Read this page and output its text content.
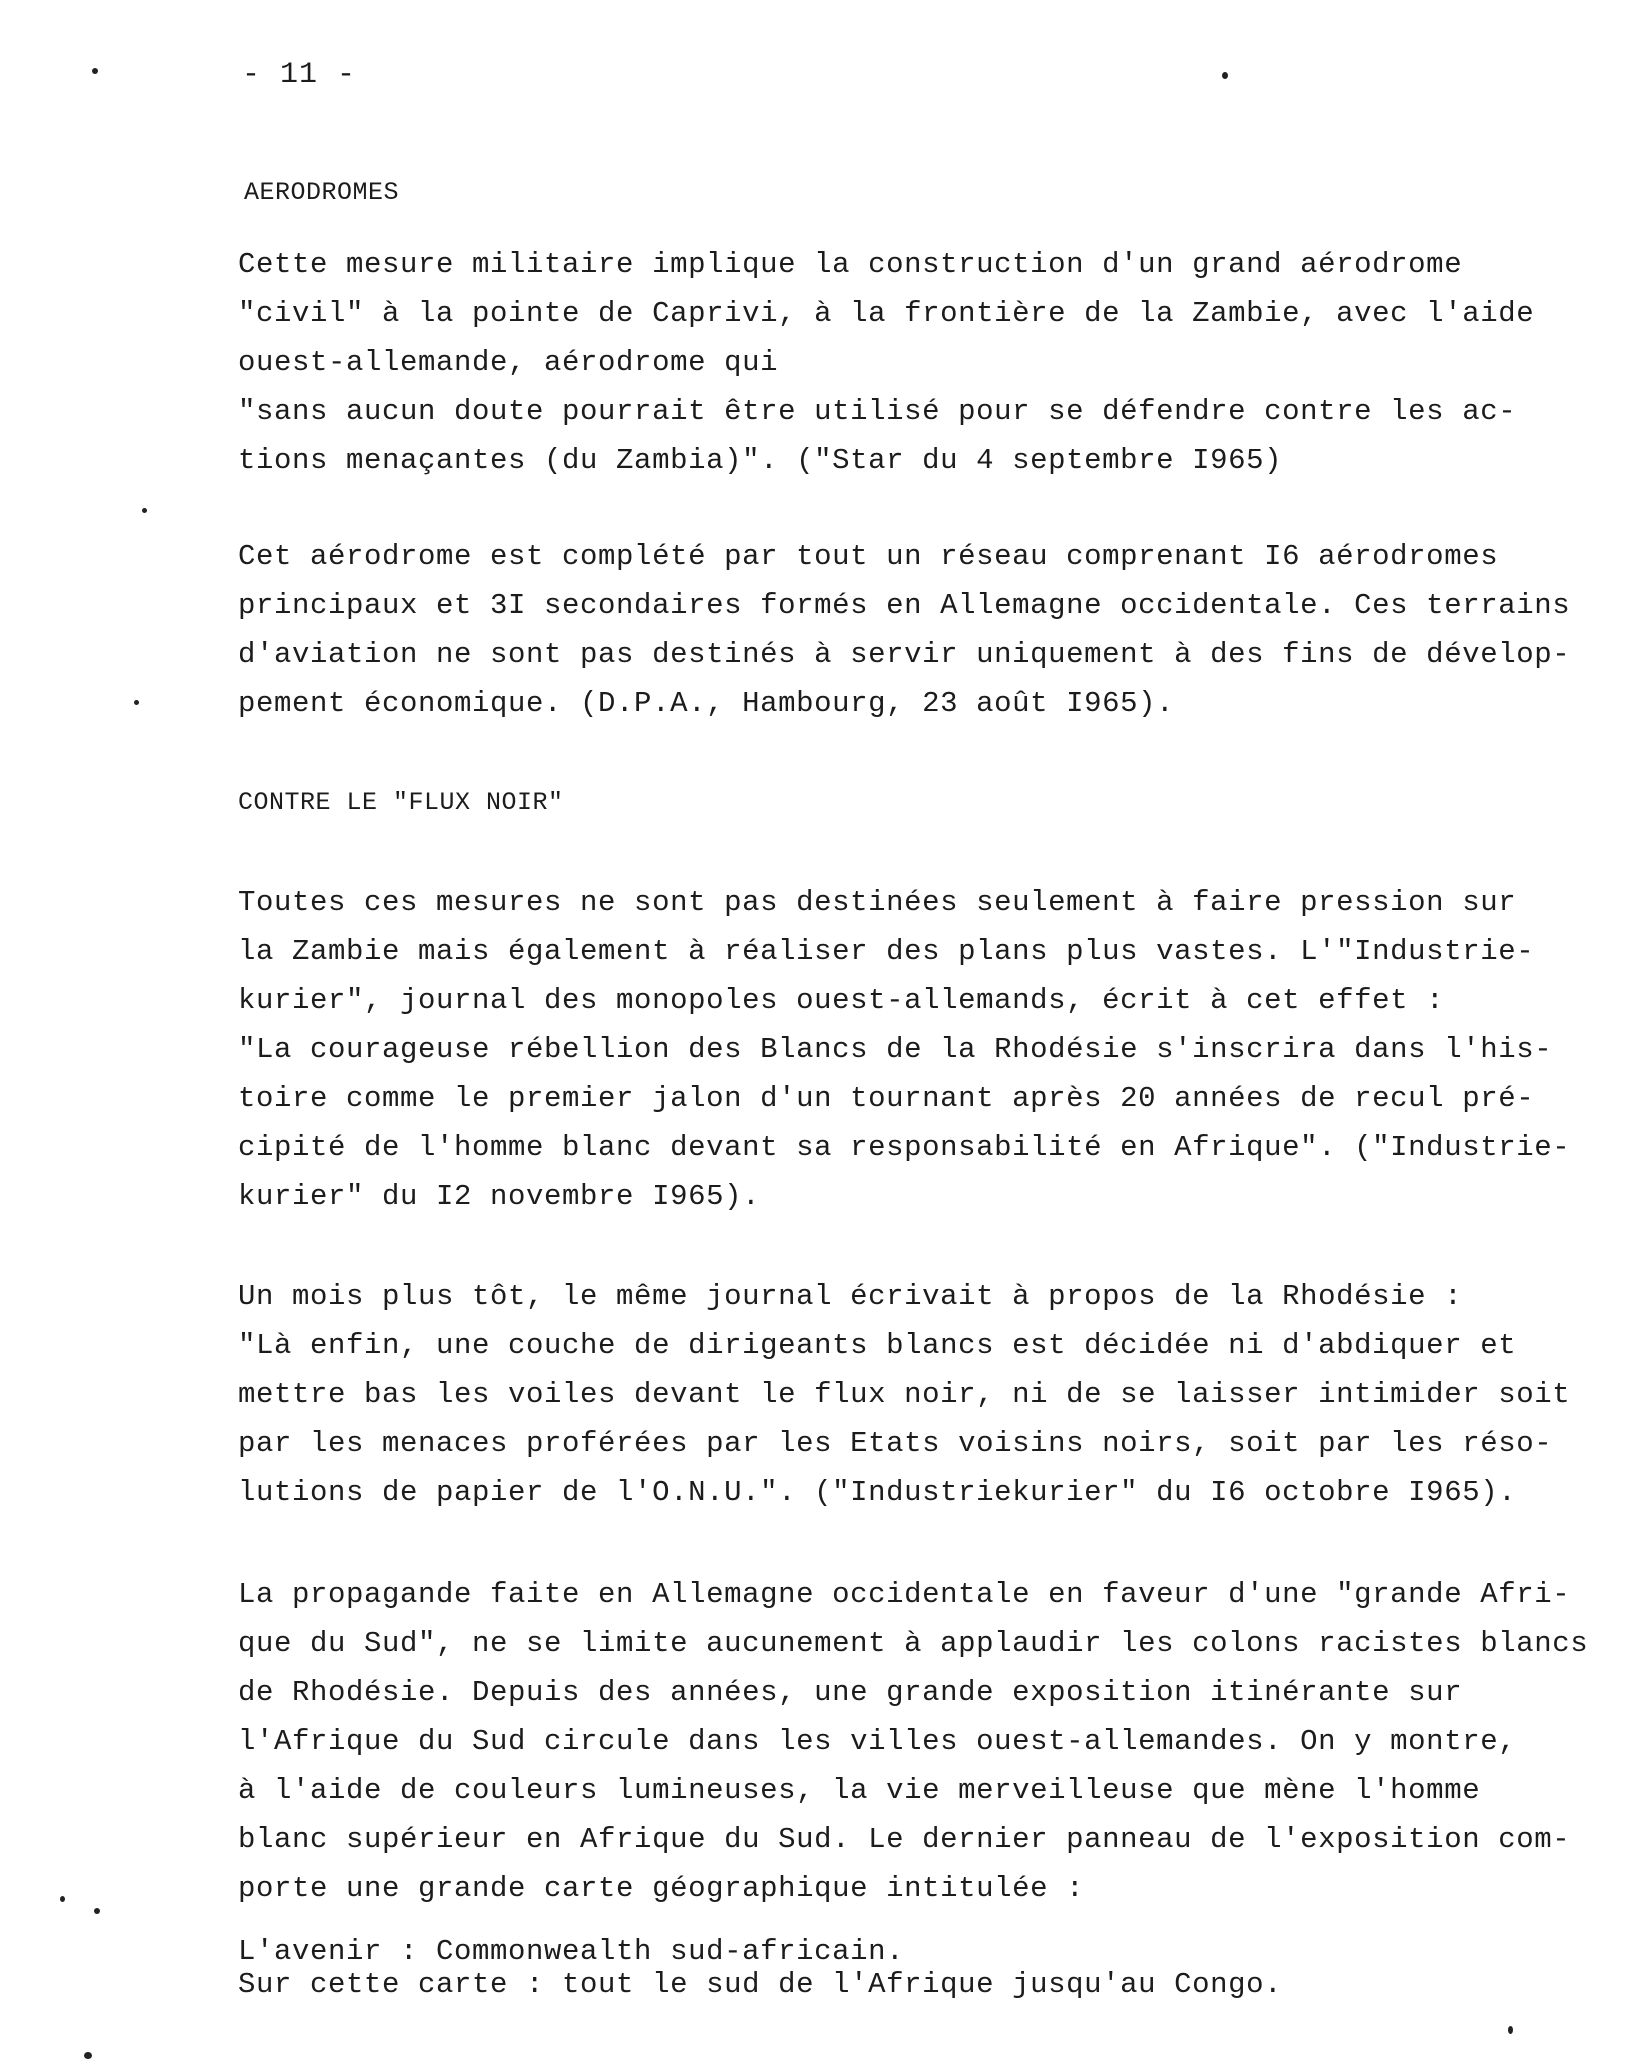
- 11 -
AERODROMES
Cette mesure militaire implique la construction d'un grand aérodrome
"civil" à la pointe de Caprivi, à la frontière de la Zambie, avec l'aide
ouest-allemande, aérodrome qui
"sans aucun doute pourrait être utilisé pour se défendre contre les ac-
tions menaçantes (du Zambia)". ("Star du 4 septembre I965)
Cet aérodrome est complété par tout un réseau comprenant I6 aérodromes
principaux et 3I secondaires formés en Allemagne occidentale. Ces terrains
d'aviation ne sont pas destinés à servir uniquement à des fins de dévelop-
pement économique. (D.P.A., Hambourg, 23 août I965).
CONTRE LE "FLUX NOIR"
Toutes ces mesures ne sont pas destinées seulement à faire pression sur
la Zambie mais également à réaliser des plans plus vastes. L'"Industrie-
kurier", journal des monopoles ouest-allemands, écrit à cet effet :
"La courageuse rébellion des Blancs de la Rhodésie s'inscrira dans l'his-
toire comme le premier jalon d'un tournant après 20 années de recul pré-
cipité de l'homme blanc devant sa responsabilité en Afrique". ("Industrie-
kurier" du I2 novembre I965).
Un mois plus tôt, le même journal écrivait à propos de la Rhodésie :
"Là enfin, une couche de dirigeants blancs est décidée ni d'abdiquer et
mettre bas les voiles devant le flux noir, ni de se laisser intimider soit
par les menaces proférées par les Etats voisins noirs, soit par les réso-
lutions de papier de l'O.N.U.". ("Industriekurier" du I6 octobre I965).
La propagande faite en Allemagne occidentale en faveur d'une "grande Afri-
que du Sud", ne se limite aucunement à applaudir les colons racistes blancs
de Rhodésie. Depuis des années, une grande exposition itinérante sur
l'Afrique du Sud circule dans les villes ouest-allemandes. On y montre,
à l'aide de couleurs lumineuses, la vie merveilleuse que mène l'homme
blanc supérieur en Afrique du Sud. Le dernier panneau de l'exposition com-
porte une grande carte géographique intitulée :
L'avenir : Commonwealth sud-africain.
Sur cette carte : tout le sud de l'Afrique jusqu'au Congo.
